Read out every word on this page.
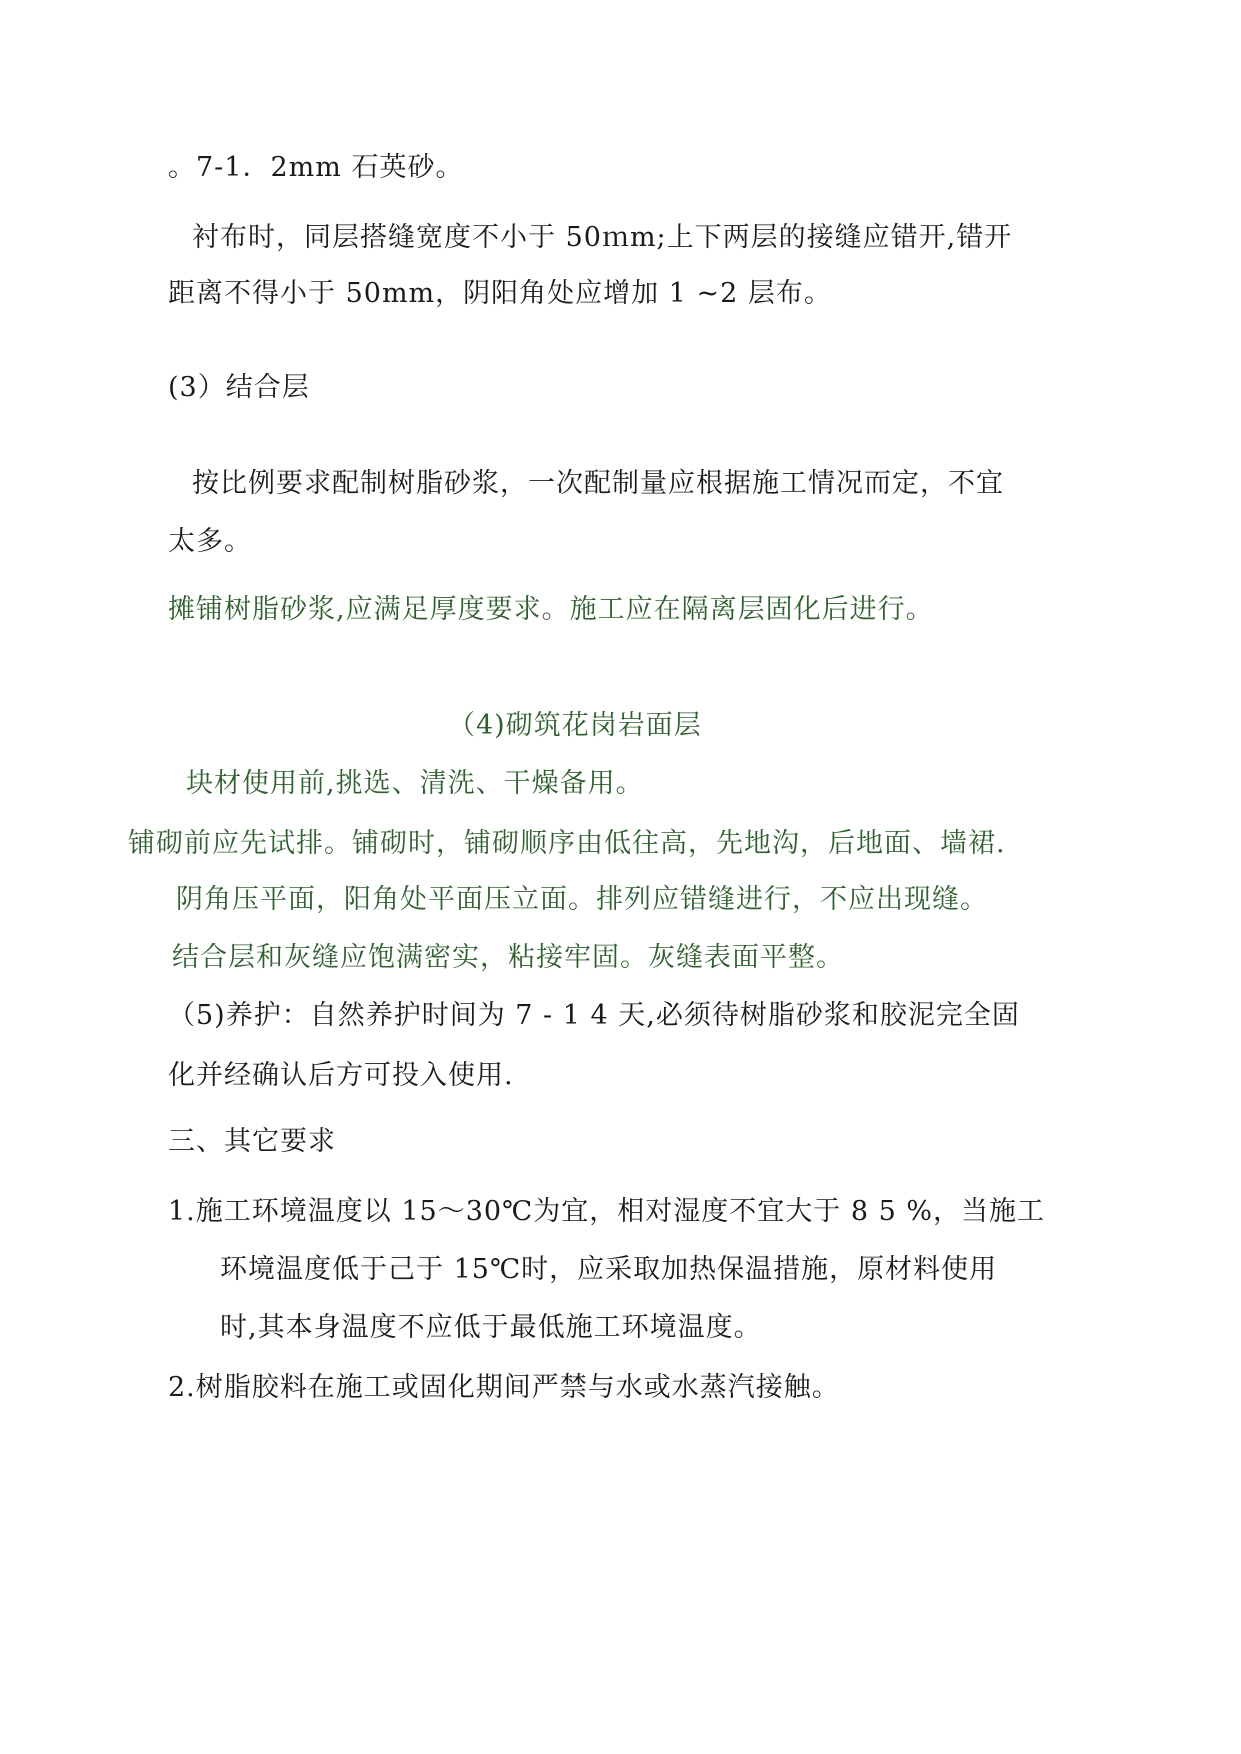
。7-1．2mm 石英砂。
衬布时，同层搭缝宽度不小于 50ｍm;上下两层的接缝应错开,错开
距离不得小于 50mm，阴阳角处应增加 1 ~2 层布。
(3）结合层
按比例要求配制树脂砂浆，一次配制量应根据施工情况而定，不宜
太多。
摊铺树脂砂浆,应满足厚度要求。施工应在隔离层固化后进行。
（4)砌筑花岗岩面层
块材使用前,挑选、清洗、干燥备用。
铺砌前应先试排。铺砌时，铺砌顺序由低往高，先地沟，后地面、墙裙.
阴角压平面，阳角处平面压立面。排列应错缝进行，不应出现缝。
结合层和灰缝应饱满密实，粘接牢固。灰缝表面平整。
（5)养护：自然养护时间为 7 - 1 4 天,必须待树脂砂浆和胶泥完全固
化并经确认后方可投入使用.
三、其它要求
1.施工环境温度以 15～30℃为宜，相对湿度不宜大于 8 5 %，当施工
环境温度低于己于 15℃时，应采取加热保温措施，原材料使用
时,其本身温度不应低于最低施工环境温度。
2.树脂胶料在施工或固化期间严禁与水或水蒸汽接触。
